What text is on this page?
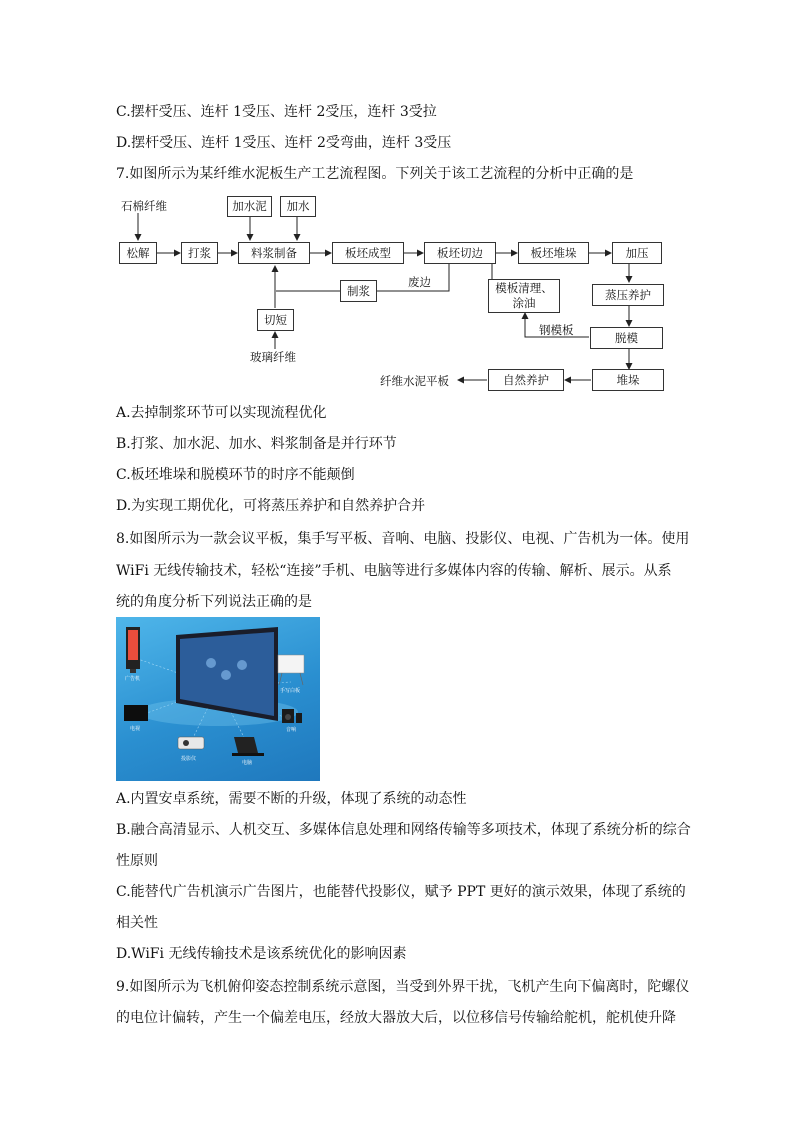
C.摆杆受压、连杆 1受压、连杆 2受压，连杆 3受拉
D.摆杆受压、连杆 1受压、连杆 2受弯曲，连杆 3受压
7.如图所示为某纤维水泥板生产工艺流程图。下列关于该工艺流程的分析中正确的是
石棉纤维	加水泥	加水
松解	打浆	料浆制备	板坯成型	板坯切边	板坯堆垛	加压
废边
制浆	模板清理、涂油
蒸压养护
切短
钢模板
脱模
玻璃纤维
纤维水泥平板	自然养护	堆垛
A.去掉制浆环节可以实现流程优化
B.打浆、加水泥、加水、料浆制备是并行环节
C.板坯堆垛和脱模环节的时序不能颠倒
D.为实现工期优化，可将蒸压养护和自然养护合并
8.如图所示为一款会议平板，集手写平板、音响、电脑、投影仪、电视、广告机为一体。使用
WiFi 无线传输技术，轻松“连接”手机、电脑等进行多媒体内容的传输、解析、展示。从系
统的角度分析下列说法正确的是
广告机
手写白板
电视	音响
投影仪
电脑
A.内置安卓系统，需要不断的升级，体现了系统的动态性
B.融合高清显示、人机交互、多媒体信息处理和网络传输等多项技术，体现了系统分析的综合
性原则
C.能替代广告机演示广告图片，也能替代投影仪，赋予 PPT 更好的演示效果，体现了系统的
相关性
D.WiFi 无线传输技术是该系统优化的影响因素
9.如图所示为飞机俯仰姿态控制系统示意图，当受到外界干扰，飞机产生向下偏离时，陀螺仪
的电位计偏转，产生一个偏差电压，经放大器放大后，以位移信号传输给舵机，舵机使升降
